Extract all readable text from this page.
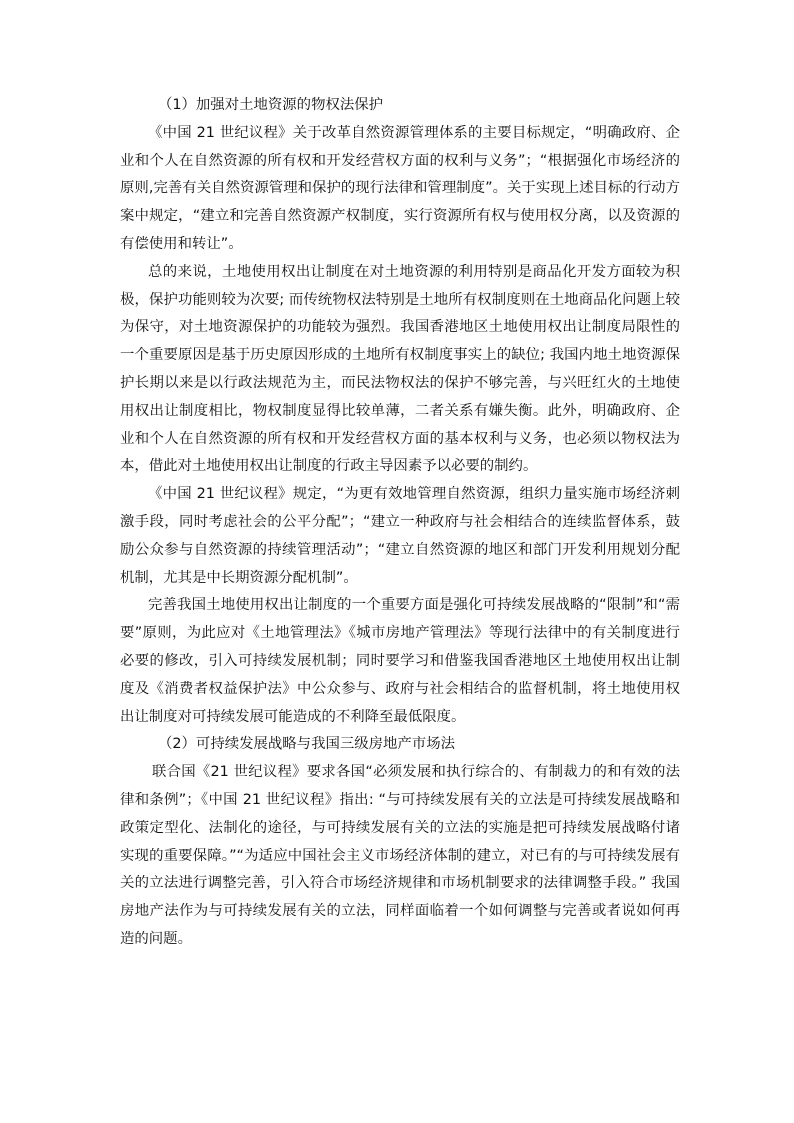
（1）加强对土地资源的物权法保护

《中国 21 世纪议程》关于改革自然资源管理体系的主要目标规定，“明确政府、企业和个人在自然资源的所有权和开发经营权方面的权利与义务”；“根据强化市场经济的原则,完善有关自然资源管理和保护的现行法律和管理制度”。关于实现上述目标的行动方案中规定，“建立和完善自然资源产权制度，实行资源所有权与使用权分离，以及资源的有偿使用和转让”。

总的来说，土地使用权出让制度在对土地资源的利用特别是商品化开发方面较为积极，保护功能则较为次要; 而传统物权法特别是土地所有权制度则在土地商品化问题上较为保守，对土地资源保护的功能较为强烈。我国香港地区土地使用权出让制度局限性的一个重要原因是基于历史原因形成的土地所有权制度事实上的缺位; 我国内地土地资源保护长期以来是以行政法规范为主，而民法物权法的保护不够完善，与兴旺红火的土地使用权出让制度相比，物权制度显得比较单薄，二者关系有嫌失衡。此外，明确政府、企业和个人在自然资源的所有权和开发经营权方面的基本权利与义务，也必须以物权法为本，借此对土地使用权出让制度的行政主导因素予以必要的制约。

《中国 21 世纪议程》规定，“为更有效地管理自然资源，组织力量实施市场经济刺激手段，同时考虑社会的公平分配”；“建立一种政府与社会相结合的连续监督体系，鼓励公众参与自然资源的持续管理活动”；“建立自然资源的地区和部门开发利用规划分配机制，尤其是中长期资源分配机制”。

完善我国土地使用权出让制度的一个重要方面是强化可持续发展战略的“限制”和“需要”原则，为此应对《土地管理法》《城市房地产管理法》等现行法律中的有关制度进行必要的修改，引入可持续发展机制；同时要学习和借鉴我国香港地区土地使用权出让制度及《消费者权益保护法》中公众参与、政府与社会相结合的监督机制，将土地使用权出让制度对可持续发展可能造成的不利降至最低限度。

（2）可持续发展战略与我国三级房地产市场法

联合国《21 世纪议程》要求各国“必须发展和执行综合的、有制裁力的和有效的法律和条例”；《中国 21 世纪议程》指出: “与可持续发展有关的立法是可持续发展战略和政策定型化、法制化的途径，与可持续发展有关的立法的实施是把可持续发展战略付诸实现的重要保障。”“为适应中国社会主义市场经济体制的建立，对已有的与可持续发展有关的立法进行调整完善，引入符合市场经济规律和市场机制要求的法律调整手段。” 我国房地产法作为与可持续发展有关的立法，同样面临着一个如何调整与完善或者说如何再造的问题。
